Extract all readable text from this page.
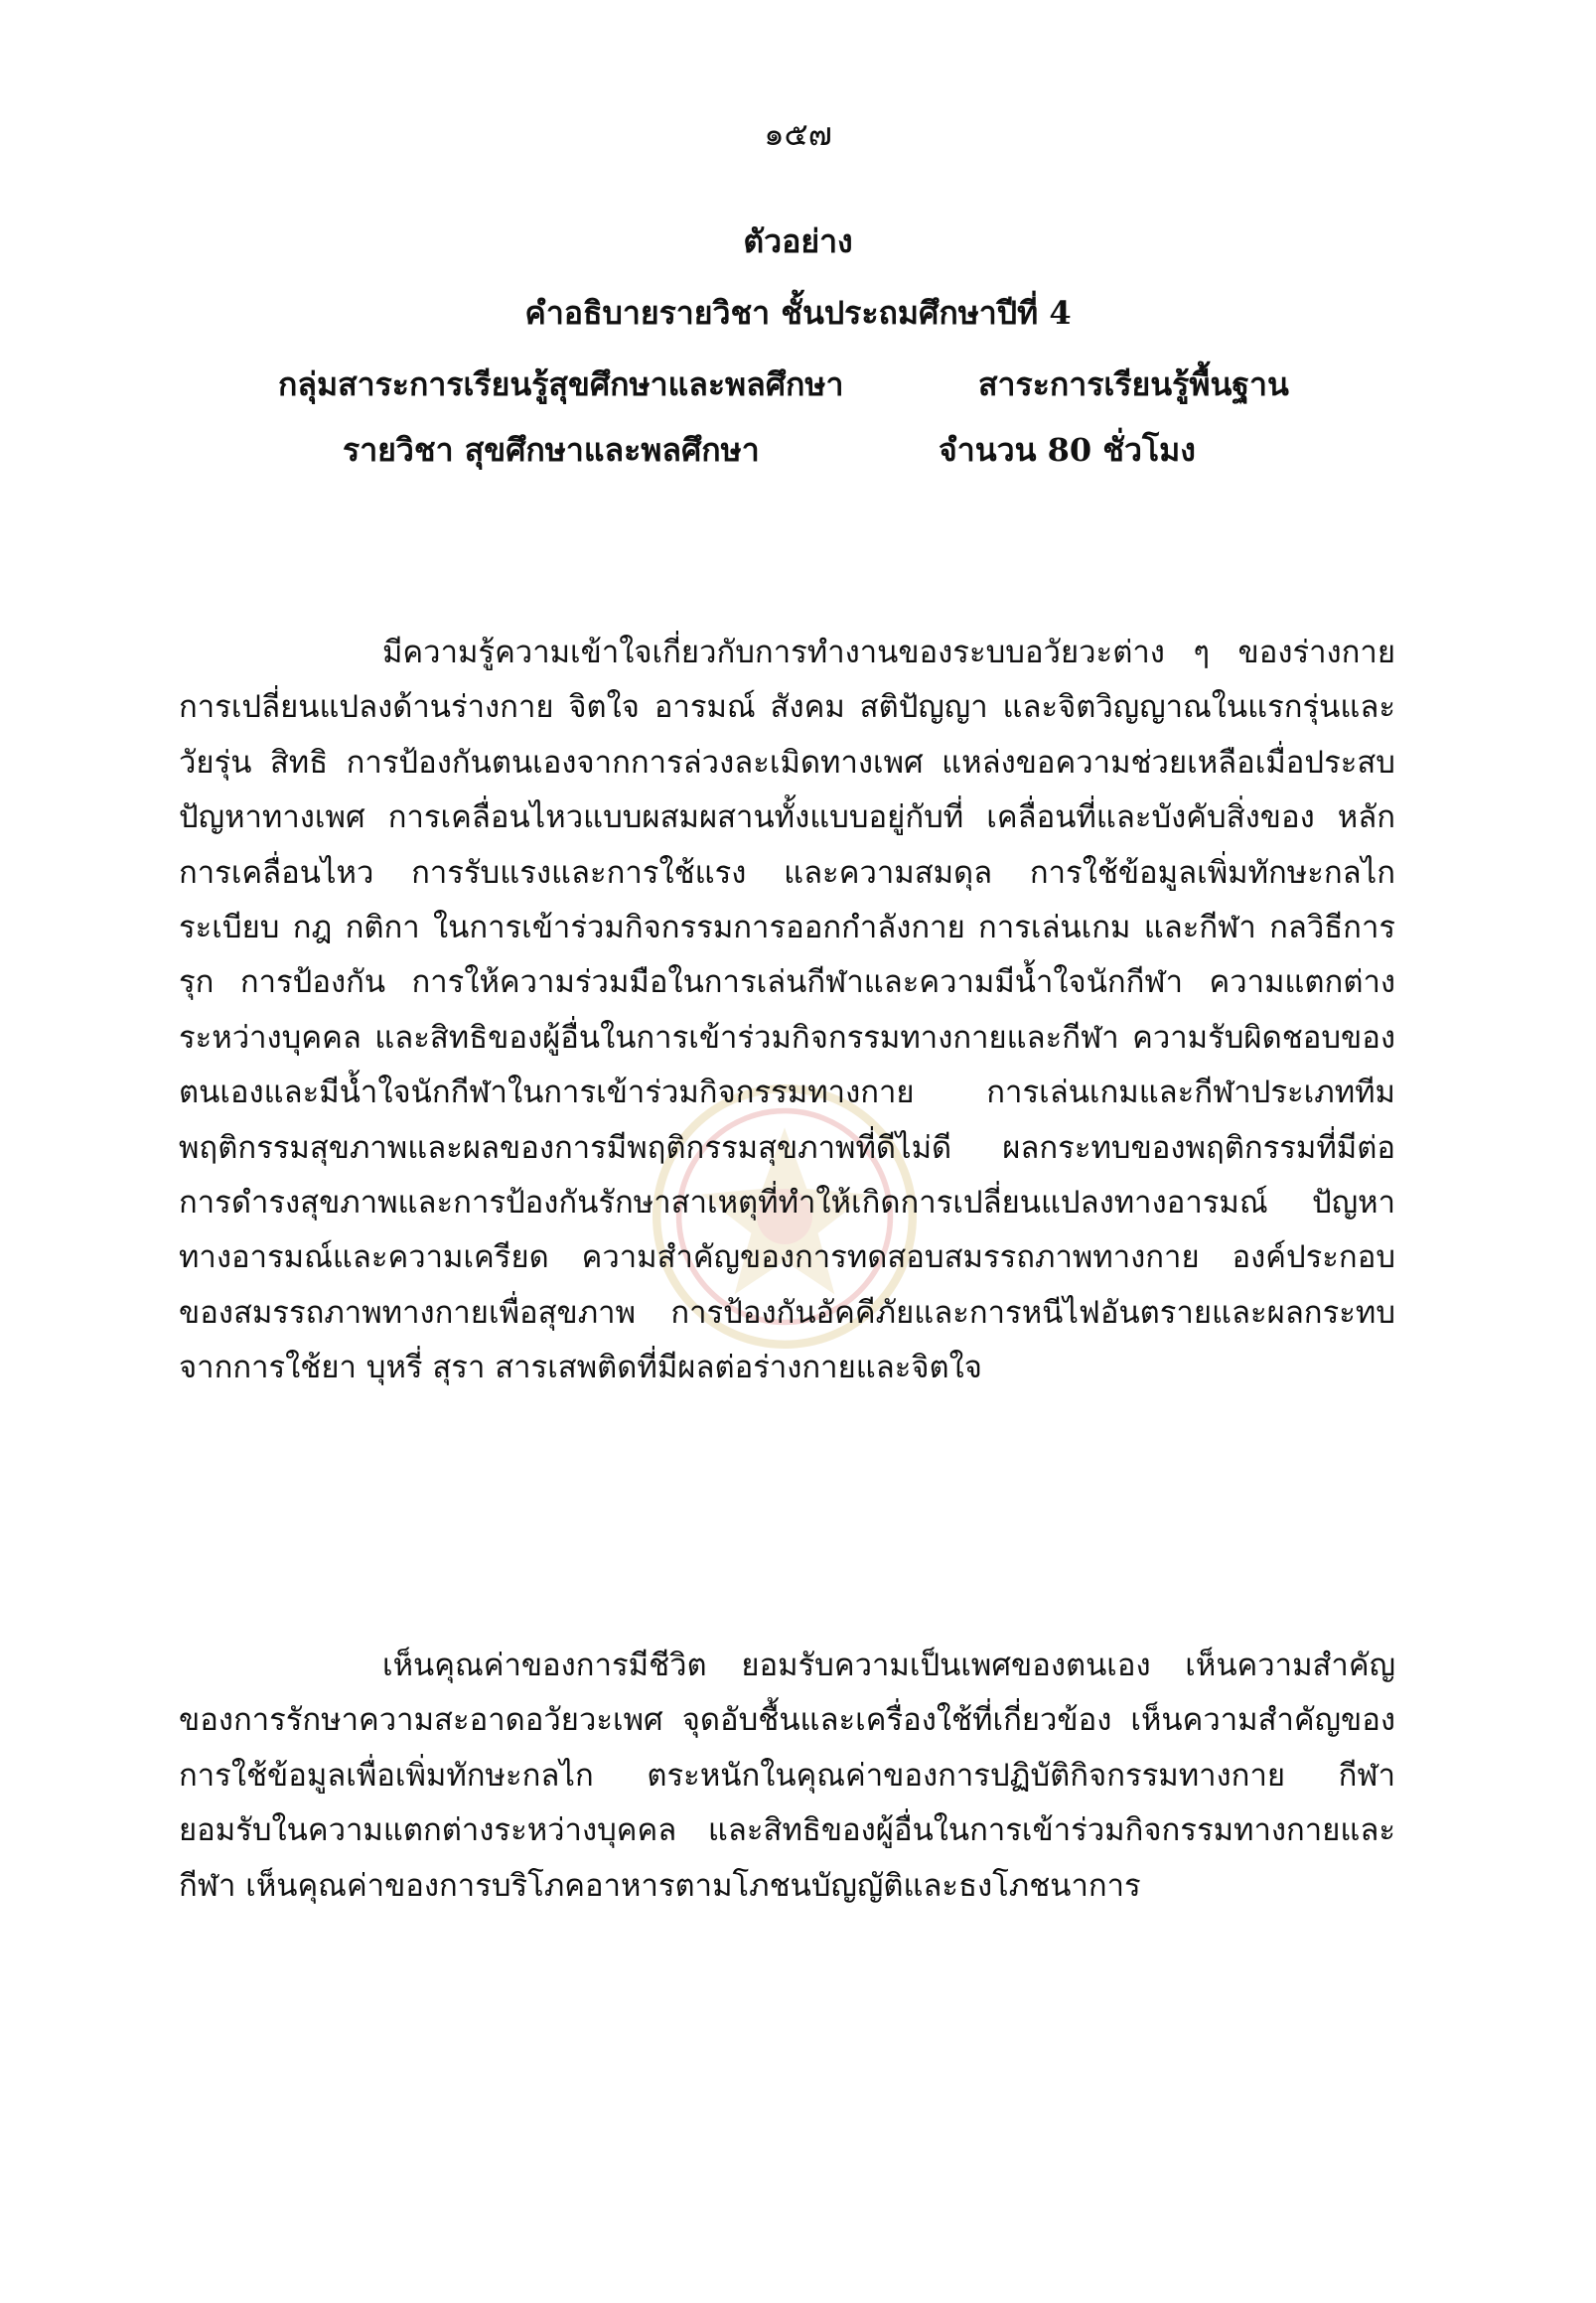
๑๕๗
ตัวอย่าง
คำอธิบายรายวิชา ชั้นประถมศึกษาปีที่ 4
กลุ่มสาระการเรียนรู้สุขศึกษาและพลศึกษา	สาระการเรียนรู้พื้นฐาน
รายวิชา สุขศึกษาและพลศึกษา	จำนวน 80 ชั่วโมง
มีความรู้ความเข้าใจเกี่ยวกับการทำงานของระบบอวัยวะต่าง ๆ ของร่างกาย การเปลี่ยนแปลงด้านร่างกาย จิตใจ อารมณ์ สังคม สติปัญญา และจิตวิญญาณในแรกรุ่นและวัยรุ่น สิทธิ การป้องกันตนเองจากการล่วงละเมิดทางเพศ แหล่งขอความช่วยเหลือเมื่อประสบปัญหาทางเพศ การเคลื่อนไหวแบบผสมผสานทั้งแบบอยู่กับที่ เคลื่อนที่และบังคับสิ่งของ หลักการเคลื่อนไหว การรับแรงและการใช้แรง และความสมดุล การใช้ข้อมูลเพิ่มทักษะกลไก ระเบียบ กฎ กติกา ในการเข้าร่วมกิจกรรมการออกกำลังกาย การเล่นเกม และกีฬา กลวิธีการรุก การป้องกัน การให้ความร่วมมือในการเล่นกีฬาและความมีน้ำใจนักกีฬา ความแตกต่างระหว่างบุคคล และสิทธิของผู้อื่นในการเข้าร่วมกิจกรรมทางกายและกีฬา ความรับผิดชอบของตนเองและมีน้ำใจนักกีฬาในการเข้าร่วมกิจกรรมทางกาย การเล่นเกมและกีฬาประเภททีม พฤติกรรมสุขภาพและผลของการมีพฤติกรรมสุขภาพที่ดีไม่ดี ผลกระทบของพฤติกรรมที่มีต่อการดำรงสุขภาพและการป้องกันรักษาสาเหตุที่ทำให้เกิดการเปลี่ยนแปลงทางอารมณ์ ปัญหาทางอารมณ์และความเครียด ความสำคัญของการทดสอบสมรรถภาพทางกาย องค์ประกอบของสมรรถภาพทางกายเพื่อสุขภาพ การป้องกันอัคคีภัยและการหนีไฟอันตรายและผลกระทบจากการใช้ยา บุหรี่ สุรา สารเสพติดที่มีผลต่อร่างกายและจิตใจ
เห็นคุณค่าของการมีชีวิต ยอมรับความเป็นเพศของตนเอง เห็นความสำคัญของการรักษาความสะอาดอวัยวะเพศ จุดอับชื้นและเครื่องใช้ที่เกี่ยวข้อง เห็นความสำคัญของการใช้ข้อมูลเพื่อเพิ่มทักษะกลไก ตระหนักในคุณค่าของการปฏิบัติกิจกรรมทางกาย กีฬา ยอมรับในความแตกต่างระหว่างบุคคล และสิทธิของผู้อื่นในการเข้าร่วมกิจกรรมทางกายและกีฬา เห็นคุณค่าของการบริโภคอาหารตามโภชนบัญญัติและธงโภชนาการ
